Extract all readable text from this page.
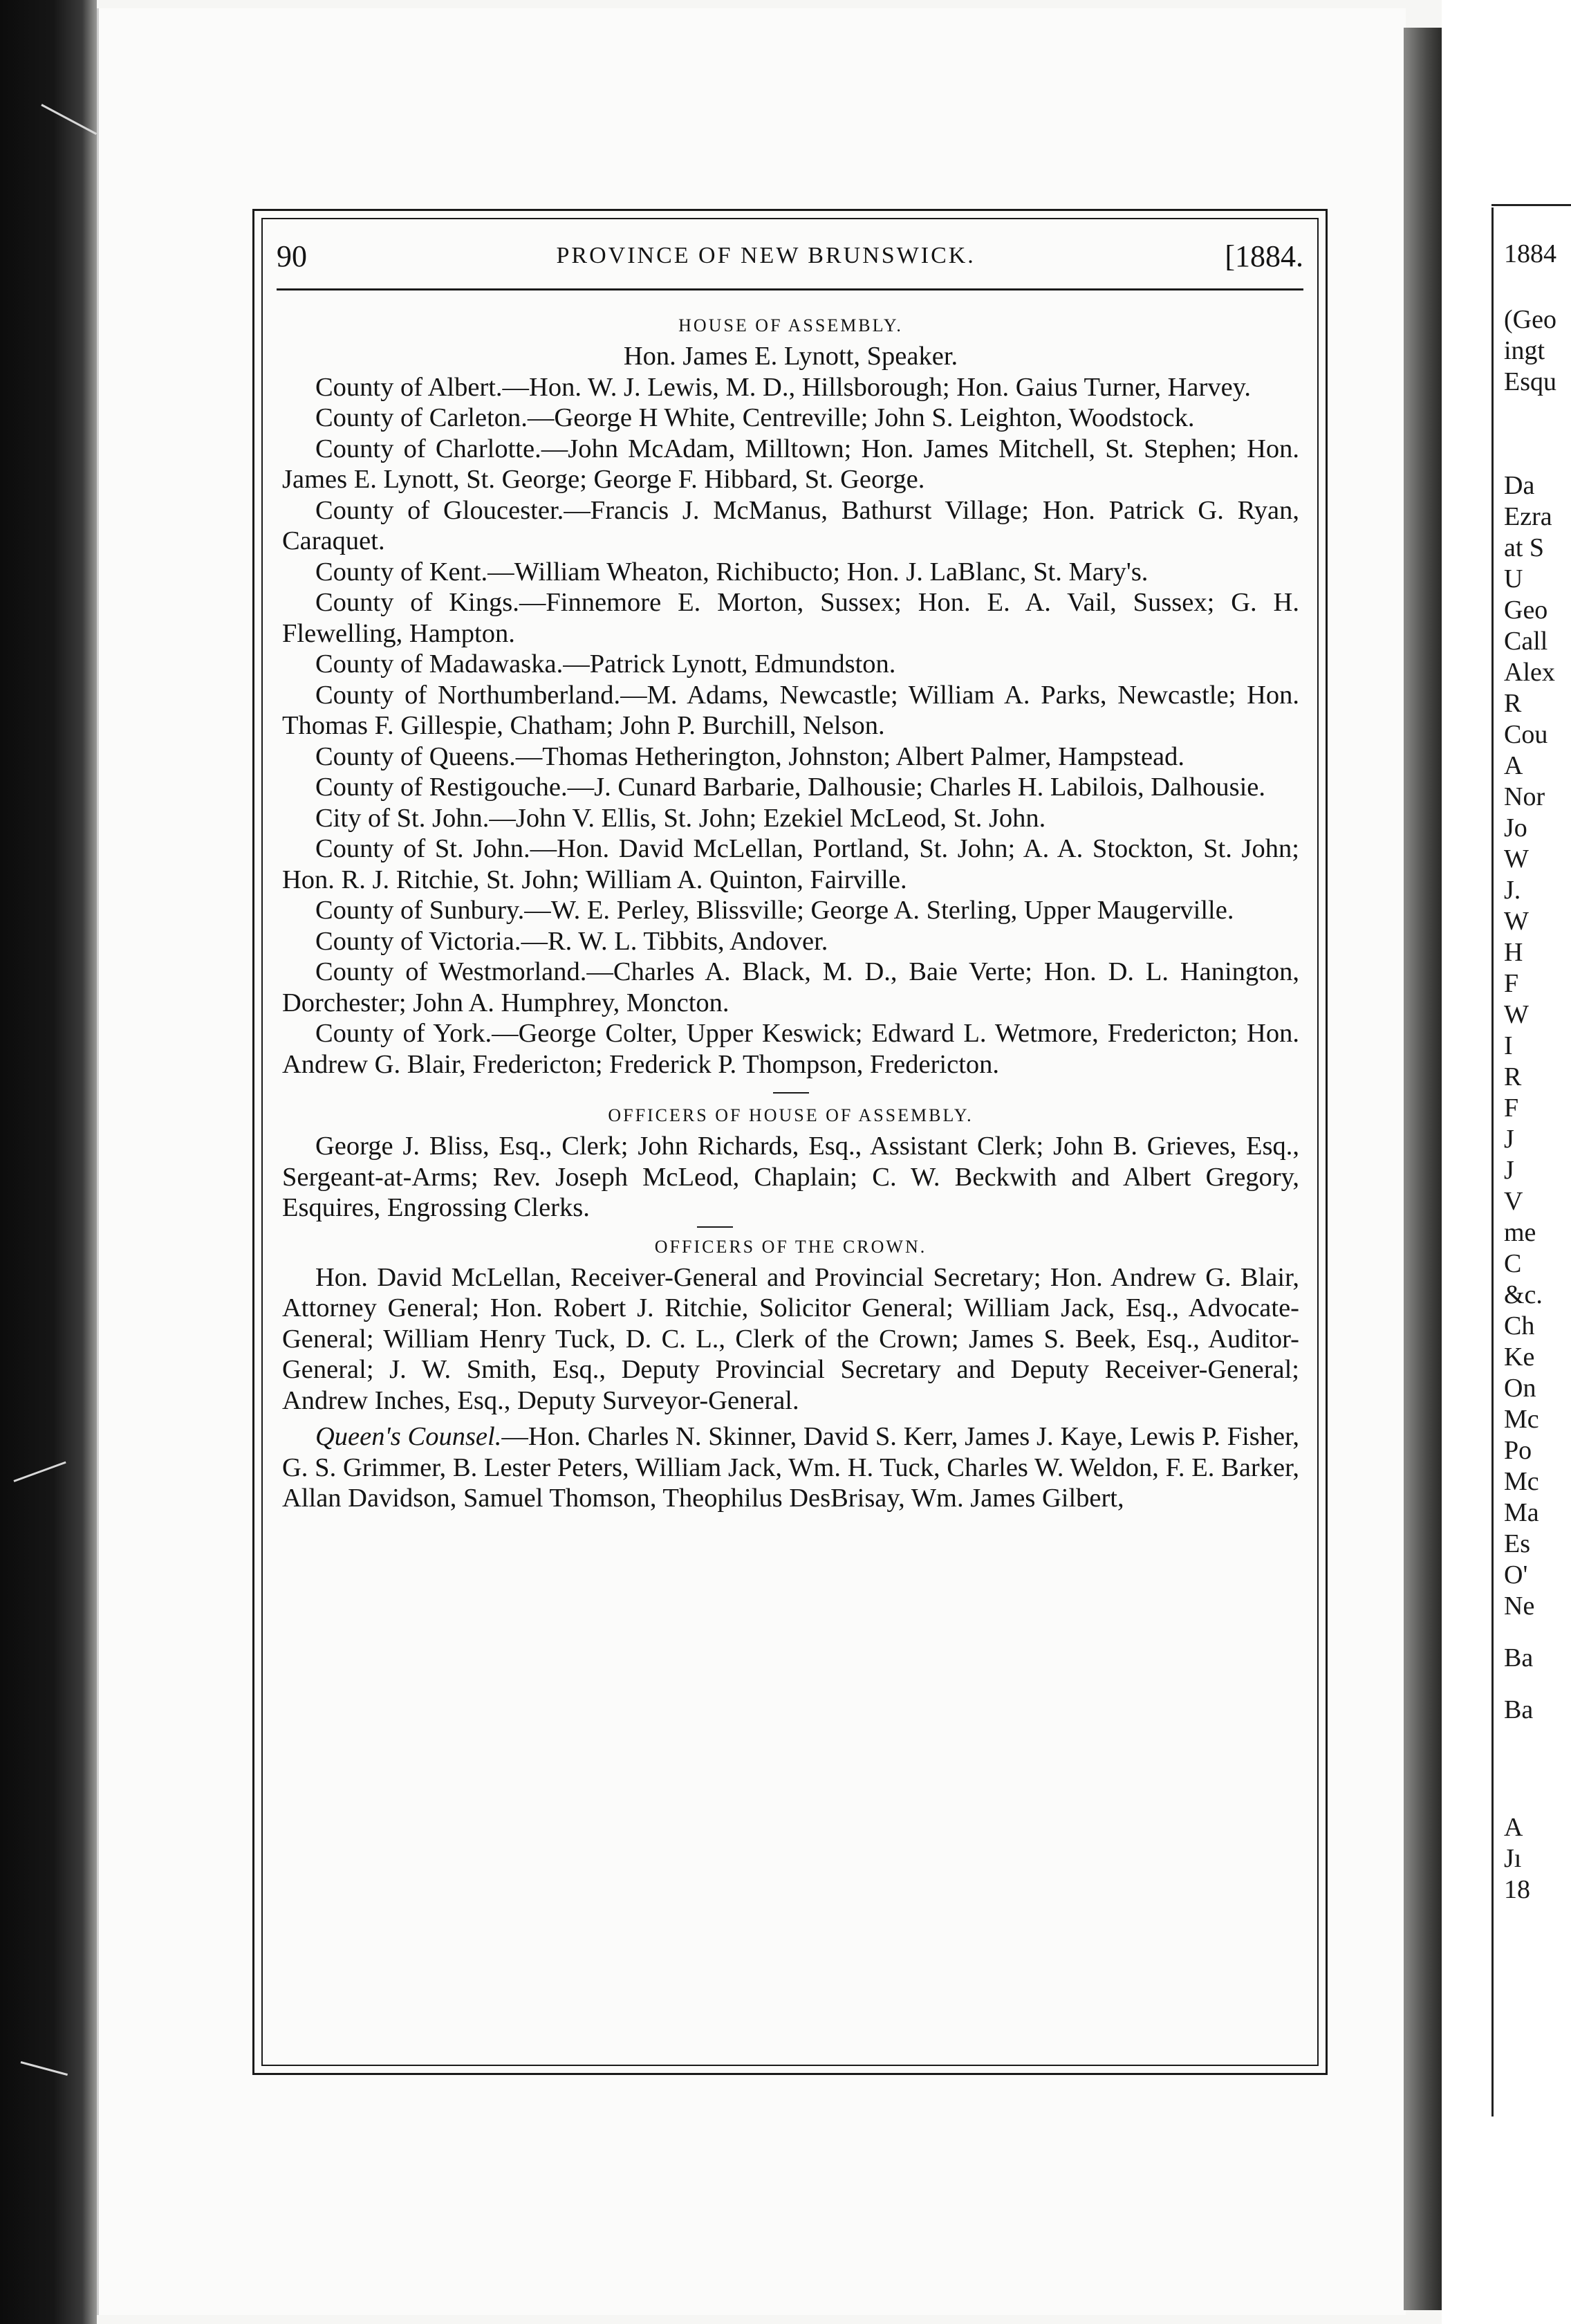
1884
(Geo
ingt
Esqu
Da
Ezra
at S
U
Geo
Call
Alex
R
Cou
A
Nor
Jo
W
J.
W
H
F
W
I
R
F
J
J
V
me
C
&c.
Ch
Ke
On
Mc
Po
Mc
Ma
Es
O'
Ne
Ba
Ba
A
Jı
18
90	PROVINCE OF NEW BRUNSWICK.	[1884.

HOUSE OF ASSEMBLY.

Hon. James E. Lynott, Speaker.

County of Albert.—Hon. W. J. Lewis, M. D., Hillsborough; Hon. Gaius Turner, Harvey.

County of Carleton.—George H White, Centreville; John S. Leighton, Woodstock.

County of Charlotte.—John McAdam, Milltown; Hon. James Mitchell, St. Stephen; Hon. James E. Lynott, St. George; George F. Hibbard, St. George.

County of Gloucester.—Francis J. McManus, Bathurst Village; Hon. Patrick G. Ryan, Caraquet.

County of Kent.—William Wheaton, Richibucto; Hon. J. LaBlanc, St. Mary's.

County of Kings.—Finnemore E. Morton, Sussex; Hon. E. A. Vail, Sussex; G. H. Flewelling, Hampton.

County of Madawaska.—Patrick Lynott, Edmundston.

County of Northumberland.—M. Adams, Newcastle; William A. Parks, Newcastle; Hon. Thomas F. Gillespie, Chatham; John P. Burchill, Nelson.

County of Queens.—Thomas Hetherington, Johnston; Albert Palmer, Hampstead.

County of Restigouche.—J. Cunard Barbarie, Dalhousie; Charles H. Labilois, Dalhousie.

City of St. John.—John V. Ellis, St. John; Ezekiel McLeod, St. John.

County of St. John.—Hon. David McLellan, Portland, St. John; A. A. Stockton, St. John; Hon. R. J. Ritchie, St. John; William A. Quinton, Fairville.

County of Sunbury.—W. E. Perley, Blissville; George A. Sterling, Upper Maugerville.

County of Victoria.—R. W. L. Tibbits, Andover.

County of Westmorland.—Charles A. Black, M. D., Baie Verte; Hon. D. L. Hanington, Dorchester; John A. Humphrey, Moncton.

County of York.—George Colter, Upper Keswick; Edward L. Wetmore, Fredericton; Hon. Andrew G. Blair, Fredericton; Frederick P. Thompson, Fredericton.

OFFICERS OF HOUSE OF ASSEMBLY.

George J. Bliss, Esq., Clerk; John Richards, Esq., Assistant Clerk; John B. Grieves, Esq., Sergeant-at-Arms; Rev. Joseph McLeod, Chaplain; C. W. Beckwith and Albert Gregory, Esquires, Engrossing Clerks.

OFFICERS OF THE CROWN.

Hon. David McLellan, Receiver-General and Provincial Secretary; Hon. Andrew G. Blair, Attorney General; Hon. Robert J. Ritchie, Solicitor General; William Jack, Esq., Advocate-General; William Henry Tuck, D. C. L., Clerk of the Crown; James S. Beek, Esq., Auditor-General; J. W. Smith, Esq., Deputy Provincial Secretary and Deputy Receiver-General; Andrew Inches, Esq., Deputy Surveyor-General.

Queen's Counsel.—Hon. Charles N. Skinner, David S. Kerr, James J. Kaye, Lewis P. Fisher, G. S. Grimmer, B. Lester Peters, William Jack, Wm. H. Tuck, Charles W. Weldon, F. E. Barker, Allan Davidson, Samuel Thomson, Theophilus DesBrisay, Wm. James Gilbert,
